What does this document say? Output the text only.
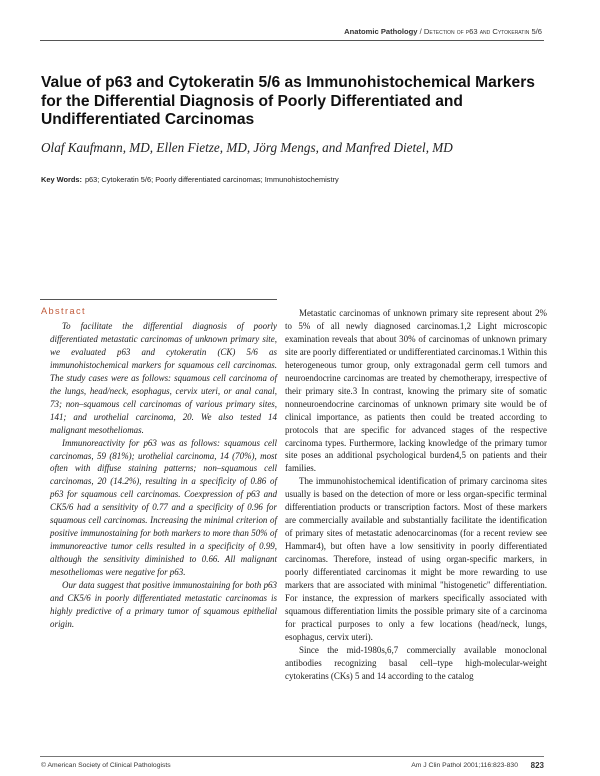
Anatomic Pathology / Detection of p63 and Cytokeratin 5/6
Value of p63 and Cytokeratin 5/6 as Immunohistochemical Markers for the Differential Diagnosis of Poorly Differentiated and Undifferentiated Carcinomas

Olaf Kaufmann, MD, Ellen Fietze, MD, Jörg Mengs, and Manfred Dietel, MD

Key Words: p63; Cytokeratin 5/6; Poorly differentiated carcinomas; Immunohistochemistry

Abstract

To facilitate the differential diagnosis of poorly differentiated metastatic carcinomas of unknown primary site, we evaluated p63 and cytokeratin (CK) 5/6 as immunohistochemical markers for squamous cell carcinomas. The study cases were as follows: squamous cell carcinoma of the lungs, head/neck, esophagus, cervix uteri, or anal canal, 73; non–squamous cell carcinomas of various primary sites, 141; and urothelial carcinoma, 20. We also tested 14 malignant mesotheliomas.

Immunoreactivity for p63 was as follows: squamous cell carcinomas, 59 (81%); urothelial carcinoma, 14 (70%), most often with diffuse staining patterns; non–squamous cell carcinomas, 20 (14.2%), resulting in a specificity of 0.86 of p63 for squamous cell carcinomas. Coexpression of p63 and CK5/6 had a sensitivity of 0.77 and a specificity of 0.96 for squamous cell carcinomas. Increasing the minimal criterion of positive immunostaining for both markers to more than 50% of immunoreactive tumor cells resulted in a specificity of 0.99, although the sensitivity diminished to 0.66. All malignant mesotheliomas were negative for p63.

Our data suggest that positive immunostaining for both p63 and CK5/6 in poorly differentiated metastatic carcinomas is highly predictive of a primary tumor of squamous epithelial origin.

Metastatic carcinomas of unknown primary site represent about 2% to 5% of all newly diagnosed carcinomas.1,2 Light microscopic examination reveals that about 30% of carcinomas of unknown primary site are poorly differentiated or undifferentiated carcinomas.1 Within this heterogeneous tumor group, only extragonadal germ cell tumors and neuroendocrine carcinomas are treated by chemotherapy, irrespective of their primary site.3 In contrast, knowing the primary site of somatic nonneuroendocrine carcinomas of unknown primary site would be of clinical importance, as patients then could be treated according to protocols that are specific for advanced stages of the respective carcinoma types. Furthermore, lacking knowledge of the primary tumor site poses an additional psychological burden4,5 on patients and their families.

The immunohistochemical identification of primary carcinoma sites usually is based on the detection of more or less organ-specific terminal differentiation products or transcription factors. Most of these markers are commercially available and substantially facilitate the identification of primary sites of metastatic adenocarcinomas (for a recent review see Hammar4), but often have a low sensitivity in poorly differentiated carcinomas. Therefore, instead of using organ-specific markers, in poorly differentiated carcinomas it might be more rewarding to use markers that are associated with minimal "histogenetic" differentiation. For instance, the expression of markers specifically associated with squamous differentiation limits the possible primary site of a carcinoma for practical purposes to only a few locations (head/neck, lungs, esophagus, cervix uteri).

Since the mid-1980s,6,7 commercially available monoclonal antibodies recognizing basal cell–type high-molecular-weight cytokeratins (CKs) 5 and 14 according to the catalog

© American Society of Clinical Pathologists	Am J Clin Pathol 2001;116:823-830 823
